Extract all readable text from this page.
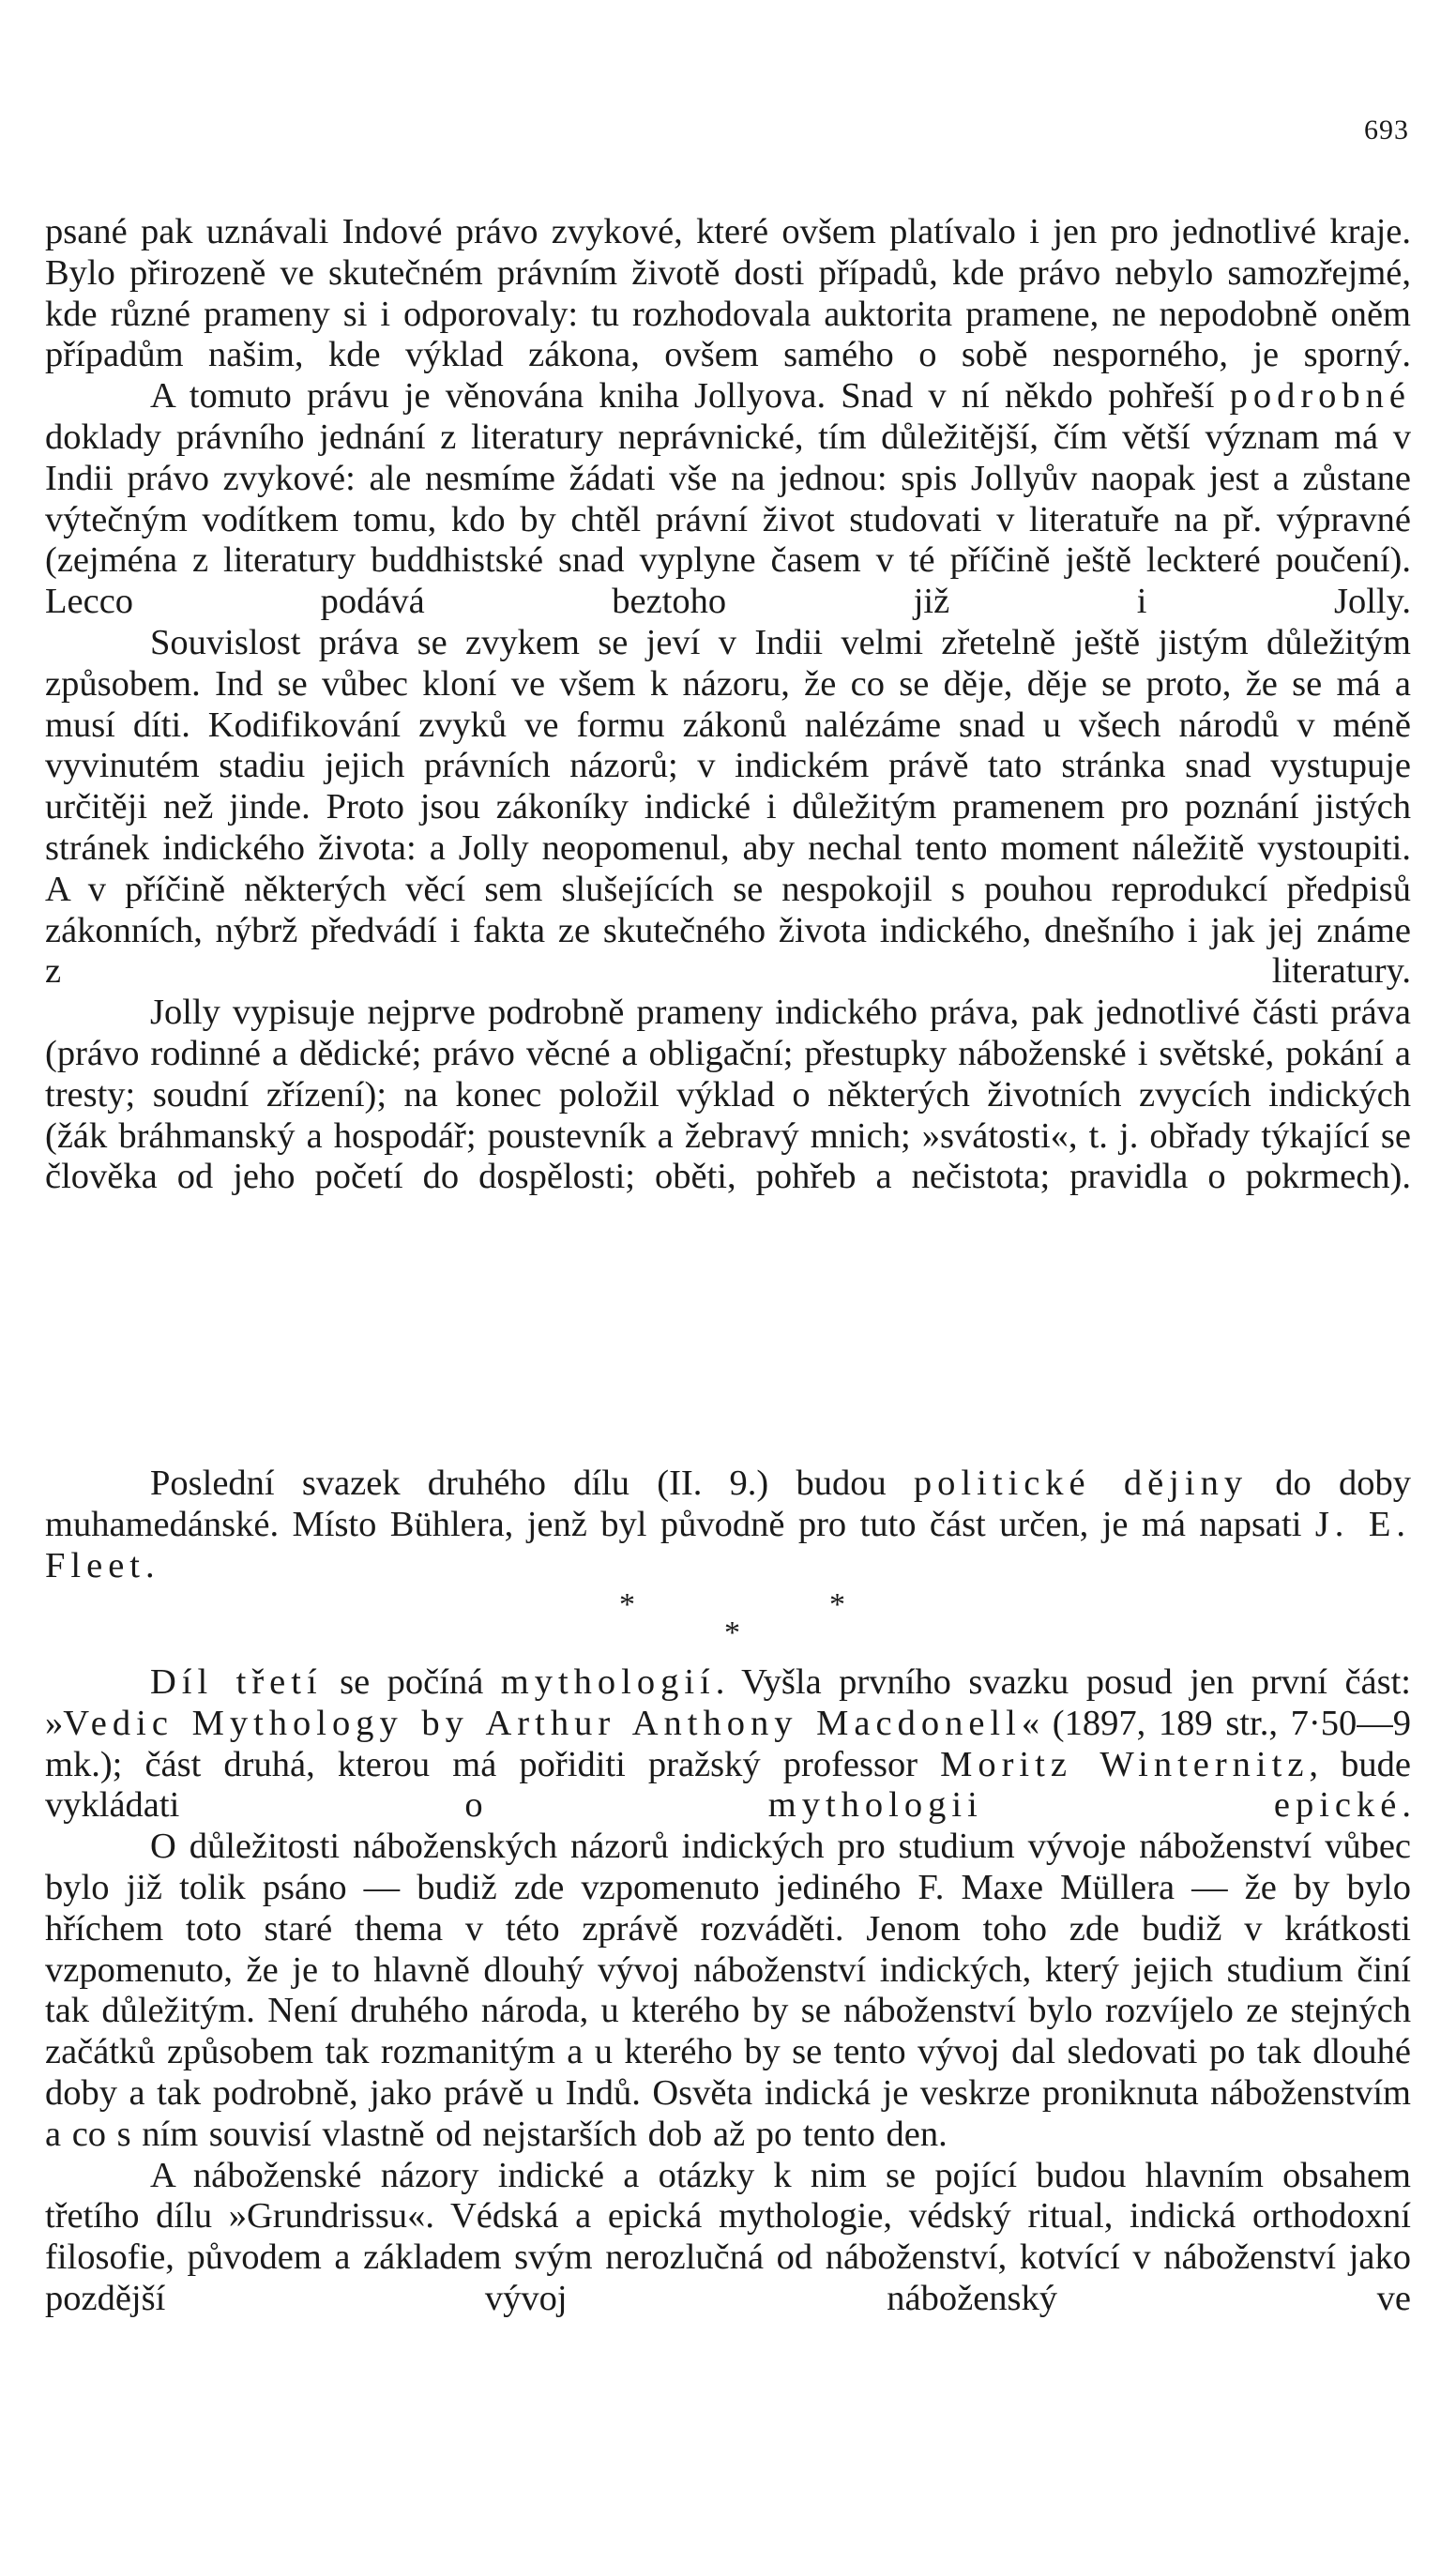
693

psané pak uznávali Indové právo zvykové, které ovšem platívalo i jen pro jednotlivé kraje. Bylo přirozeně ve skutečném právním životě dosti případů, kde právo nebylo samozřejmé, kde různé prameny si i odporovaly: tu rozhodovala auktorita pramene, ne nepodobně oněm případům našim, kde výklad zákona, ovšem samého o sobě nesporného, je sporný.

A tomuto právu je věnována kniha Jollyova. Snad v ní někdo pohřeší podrobné doklady právního jednání z literatury neprávnické, tím důležitější, čím větší význam má v Indii právo zvykové: ale nesmíme žádati vše na jednou: spis Jollyův naopak jest a zůstane výtečným vodítkem tomu, kdo by chtěl právní život studovati v literatuře na př. výpravné (zejména z literatury buddhistské snad vyplyne časem v té příčině ještě leckteré poučení). Lecco podává beztoho již i Jolly.

Souvislost práva se zvykem se jeví v Indii velmi zřetelně ještě jistým důležitým způsobem. Ind se vůbec kloní ve všem k názoru, že co se děje, děje se proto, že se má a musí díti. Kodifikování zvyků ve formu zákonů nalézáme snad u všech národů v méně vyvinutém stadiu jejich právních názorů; v indickém právě tato stránka snad vystupuje určitěji než jinde. Proto jsou zákoníky indické i důležitým pramenem pro poznání jistých stránek indického života: a Jolly neopomenul, aby nechal tento moment náležitě vystoupiti. A v příčině některých věcí sem slušejících se nespokojil s pouhou reprodukcí předpisů zákonních, nýbrž předvádí i fakta ze skutečného života indického, dnešního i jak jej známe z literatury.

Jolly vypisuje nejprve podrobně prameny indického práva, pak jednotlivé části práva (právo rodinné a dědické; právo věcné a obligační; přestupky náboženské i světské, pokání a tresty; soudní zřízení); na konec položil výklad o některých životních zvycích indických (žák bráhmanský a hospodář; poustevník a žebravý mnich; »svátosti«, t. j. obřady týkající se člověka od jeho početí do dospělosti; oběti, pohřeb a nečistota; pravidla o pokrmech).

Poslední svazek druhého dílu (II. 9.) budou politické dějiny do doby muhamedánské. Místo Bühlera, jenž byl původně pro tuto část určen, je má napsati J. E. Fleet.

*	*
*

Díl třetí se počíná mythologií. Vyšla prvního svazku posud jen první část: »Vedic Mythology by Arthur Anthony Macdonell« (1897, 189 str., 7·50—9 mk.); část druhá, kterou má pořiditi pražský professor Moritz Winternitz, bude vykládati o mythologii epické.

O důležitosti náboženských názorů indických pro studium vývoje náboženství vůbec bylo již tolik psáno — budiž zde vzpomenuto jediného F. Maxe Müllera — že by bylo hříchem toto staré thema v této zprávě rozváděti. Jenom toho zde budiž v krátkosti vzpomenuto, že je to hlavně dlouhý vývoj náboženství indických, který jejich studium činí tak důležitým. Není druhého národa, u kterého by se náboženství bylo rozvíjelo ze stejných začátků způsobem tak rozmanitým a u kterého by se tento vývoj dal sledovati po tak dlouhé doby a tak podrobně, jako právě u Indů. Osvěta indická je veskrze proniknuta náboženstvím a co s ním souvisí vlastně od nejstarších dob až po tento den.

A náboženské názory indické a otázky k nim se pojící budou hlavním obsahem třetího dílu »Grundrissu«. Védská a epická mythologie, védský ritual, indická orthodoxní filosofie, původem a základem svým nerozlučná od náboženství, kotvící v náboženství jako pozdější vývoj náboženský ve
